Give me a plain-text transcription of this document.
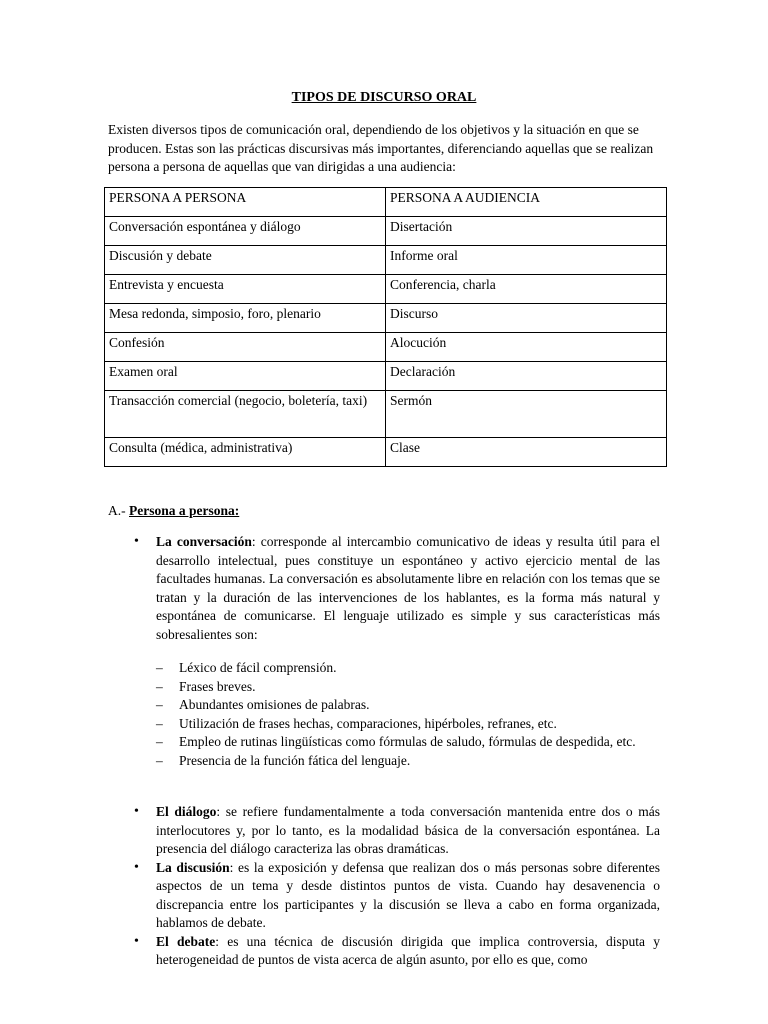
TIPOS DE DISCURSO ORAL
Existen diversos tipos de comunicación oral, dependiendo de los objetivos y la situación en que se producen. Estas son las prácticas discursivas más importantes, diferenciando aquellas que se realizan persona a persona de aquellas que van dirigidas a una audiencia:
PERSONA A PERSONA	PERSONA A AUDIENCIA
Conversación espontánea y diálogo	Disertación
Discusión y debate	Informe oral
Entrevista y encuesta	Conferencia, charla
Mesa redonda, simposio, foro, plenario	Discurso
Confesión	Alocución
Examen oral	Declaración
Transacción comercial (negocio, boletería, taxi)	Sermón
Consulta (médica, administrativa)	Clase
A.- Persona a persona:
• La conversación: corresponde al intercambio comunicativo de ideas y resulta útil para el desarrollo intelectual, pues constituye un espontáneo y activo ejercicio mental de las facultades humanas. La conversación es absolutamente libre en relación con los temas que se tratan y la duración de las intervenciones de los hablantes, es la forma más natural y espontánea de comunicarse. El lenguaje utilizado es simple y sus características más sobresalientes son:
– Léxico de fácil comprensión.
– Frases breves.
– Abundantes omisiones de palabras.
– Utilización de frases hechas, comparaciones, hipérboles, refranes, etc.
– Empleo de rutinas lingüísticas como fórmulas de saludo, fórmulas de despedida, etc.
– Presencia de la función fática del lenguaje.
• El diálogo: se refiere fundamentalmente a toda conversación mantenida entre dos o más interlocutores y, por lo tanto, es la modalidad básica de la conversación espontánea. La presencia del diálogo caracteriza las obras dramáticas.
• La discusión: es la exposición y defensa que realizan dos o más personas sobre diferentes aspectos de un tema y desde distintos puntos de vista. Cuando hay desavenencia o discrepancia entre los participantes y la discusión se lleva a cabo en forma organizada, hablamos de debate.
• El debate: es una técnica de discusión dirigida que implica controversia, disputa y heterogeneidad de puntos de vista acerca de algún asunto, por ello es que, como
